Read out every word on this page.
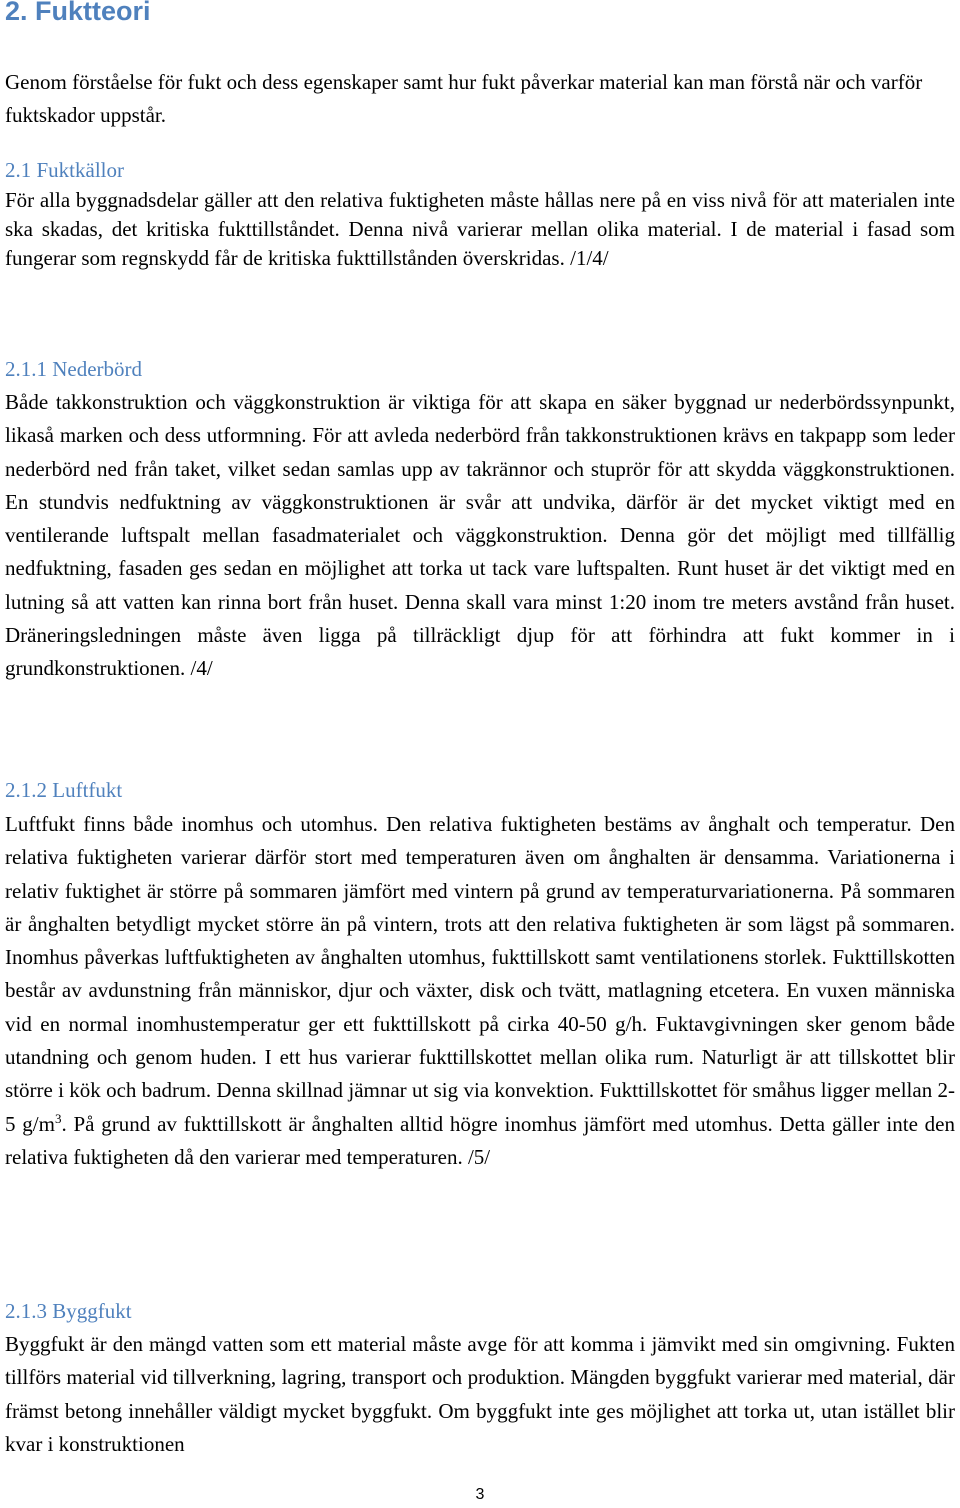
2. Fuktteori

Genom förståelse för fukt och dess egenskaper samt hur fukt påverkar material kan man förstå när och varför fuktskador uppstår.

2.1 Fuktkällor

För alla byggnadsdelar gäller att den relativa fuktigheten måste hållas nere på en viss nivå för att materialen inte ska skadas, det kritiska fukttillståndet. Denna nivå varierar mellan olika material. I de material i fasad som fungerar som regnskydd får de kritiska fukttillstånden överskridas. /1/4/

2.1.1 Nederbörd

Både takkonstruktion och väggkonstruktion är viktiga för att skapa en säker byggnad ur nederbördssynpunkt, likaså marken och dess utformning. För att avleda nederbörd från takkonstruktionen krävs en takpapp som leder nederbörd ned från taket, vilket sedan samlas upp av takrännor och stuprör för att skydda väggkonstruktionen. En stundvis nedfuktning av väggkonstruktionen är svår att undvika, därför är det mycket viktigt med en ventilerande luftspalt mellan fasadmaterialet och väggkonstruktion. Denna gör det möjligt med tillfällig nedfuktning, fasaden ges sedan en möjlighet att torka ut tack vare luftspalten. Runt huset är det viktigt med en lutning så att vatten kan rinna bort från huset. Denna skall vara minst 1:20 inom tre meters avstånd från huset. Dräneringsledningen måste även ligga på tillräckligt djup för att förhindra att fukt kommer in i grundkonstruktionen. /4/

2.1.2 Luftfukt

Luftfukt finns både inomhus och utomhus. Den relativa fuktigheten bestäms av ånghalt och temperatur. Den relativa fuktigheten varierar därför stort med temperaturen även om ånghalten är densamma. Variationerna i relativ fuktighet är större på sommaren jämfört med vintern på grund av temperaturvariationerna. På sommaren är ånghalten betydligt mycket större än på vintern, trots att den relativa fuktigheten är som lägst på sommaren. Inomhus påverkas luftfuktigheten av ånghalten utomhus, fukttillskott samt ventilationens storlek. Fukttillskotten består av avdunstning från människor, djur och växter, disk och tvätt, matlagning etcetera. En vuxen människa vid en normal inomhustemperatur ger ett fukttillskott på cirka 40-50 g/h. Fuktavgivningen sker genom både utandning och genom huden. I ett hus varierar fukttillskottet mellan olika rum. Naturligt är att tillskottet blir större i kök och badrum. Denna skillnad jämnar ut sig via konvektion. Fukttillskottet för småhus ligger mellan 2-5 $g/m^3$. På grund av fukttillskott är ånghalten alltid högre inomhus jämfört med utomhus. Detta gäller inte den relativa fuktigheten då den varierar med temperaturen. /5/

2.1.3 Byggfukt

Byggfukt är den mängd vatten som ett material måste avge för att komma i jämvikt med sin omgivning. Fukten tillförs material vid tillverkning, lagring, transport och produktion. Mängden byggfukt varierar med material, där främst betong innehåller väldigt mycket byggfukt. Om byggfukt inte ges möjlighet att torka ut, utan istället blir kvar i konstruktionen

3
